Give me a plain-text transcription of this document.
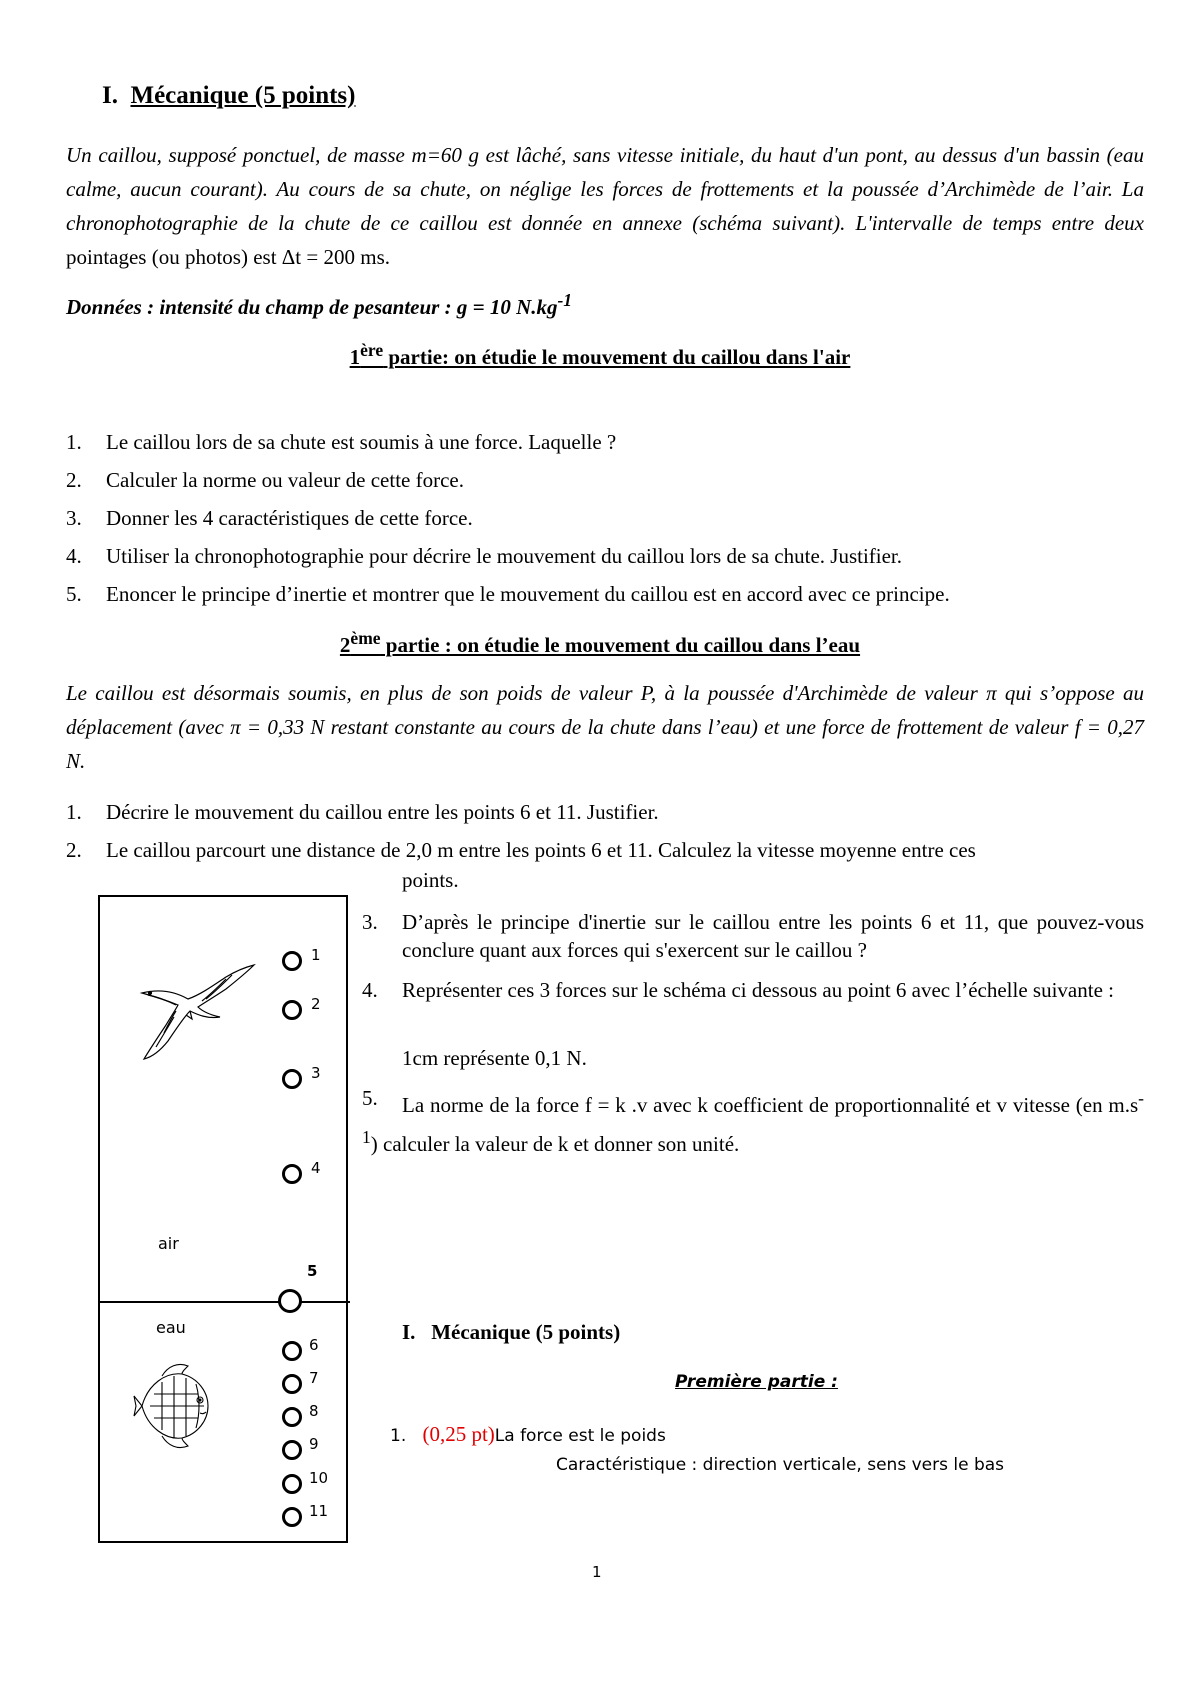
I. Mécanique (5 points)
Un caillou, supposé ponctuel, de masse m=60 g est lâché, sans vitesse initiale, du haut d'un pont, au dessus d'un bassin (eau calme, aucun courant). Au cours de sa chute, on néglige les forces de frottements et la poussée d’Archimède de l’air. La chronophotographie de la chute de ce caillou est donnée en annexe (schéma suivant). L'intervalle de temps entre deux pointages (ou photos) est Δt = 200 ms.
Données : intensité du champ de pesanteur : g = 10 $N.kg^{-1}$
1ère partie: on étudie le mouvement du caillou dans l'air
1. Le caillou lors de sa chute est soumis à une force. Laquelle ?
2. Calculer la norme ou valeur de cette force.
3. Donner les 4 caractéristiques de cette force.
4. Utiliser la chronophotographie pour décrire le mouvement du caillou lors de sa chute. Justifier.
5. Enoncer le principe d’inertie et montrer que le mouvement du caillou est en accord avec ce principe.
2ème partie : on étudie le mouvement du caillou dans l’eau
Le caillou est désormais soumis, en plus de son poids de valeur P, à la poussée d'Archimède de valeur π qui s’oppose au déplacement (avec π = 0,33 N restant constante au cours de la chute dans l’eau) et une force de frottement de valeur f = 0,27 N.
1. Décrire le mouvement du caillou entre les points 6 et 11. Justifier.
2. Le caillou parcourt une distance de 2,0 m entre les points 6 et 11. Calculez la vitesse moyenne entre ces
points.
3.	D’après le principe d'inertie sur le caillou entre les points 6 et 11, que pouvez-vous conclure quant aux forces qui s'exercent sur le caillou ?
4.	Représenter ces 3 forces sur le schéma ci dessous au point 6 avec l’échelle suivante :
1cm représente 0,1 N.
5.	La norme de la force f = k .v avec k coefficient de proportionnalité et v vitesse (en $m.s^{-1}$) calculer la valeur de k et donner son unité.
air
eau
1
2
3
4
5
6
7
8
9
10
11
I. Mécanique (5 points)
Première partie :
1. (0,25 pt)La force est le poids
Caractéristique : direction verticale, sens vers le bas
1
